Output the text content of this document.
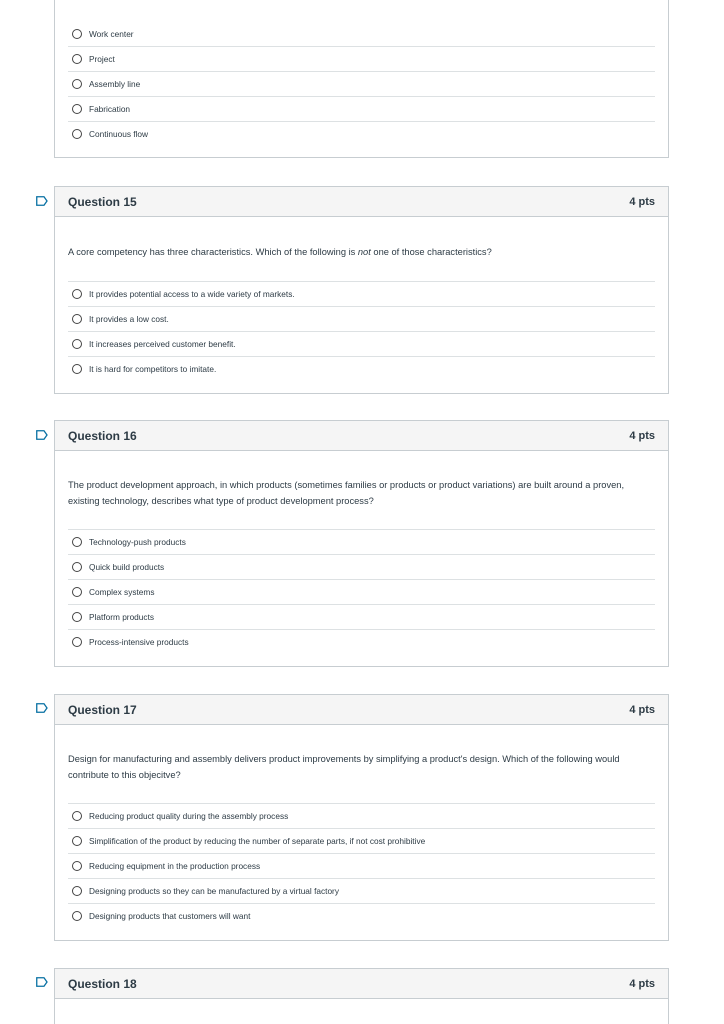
Work center
Project
Assembly line
Fabrication
Continuous flow
Question 15	4 pts
A core competency has three characteristics. Which of the following is not one of those characteristics?
It provides potential access to a wide variety of markets.
It provides a low cost.
It increases perceived customer benefit.
It is hard for competitors to imitate.
Question 16	4 pts
The product development approach, in which products (sometimes families or products or product variations) are built around a proven, existing technology, describes what type of product development process?
Technology-push products
Quick build products
Complex systems
Platform products
Process-intensive products
Question 17	4 pts
Design for manufacturing and assembly delivers product improvements by simplifying a product's design. Which of the following would contribute to this objecitve?
Reducing product quality during the assembly process
Simplification of the product by reducing the number of separate parts, if not cost prohibitive
Reducing equipment in the production process
Designing products so they can be manufactured by a virtual factory
Designing products that customers will want
Question 18	4 pts
